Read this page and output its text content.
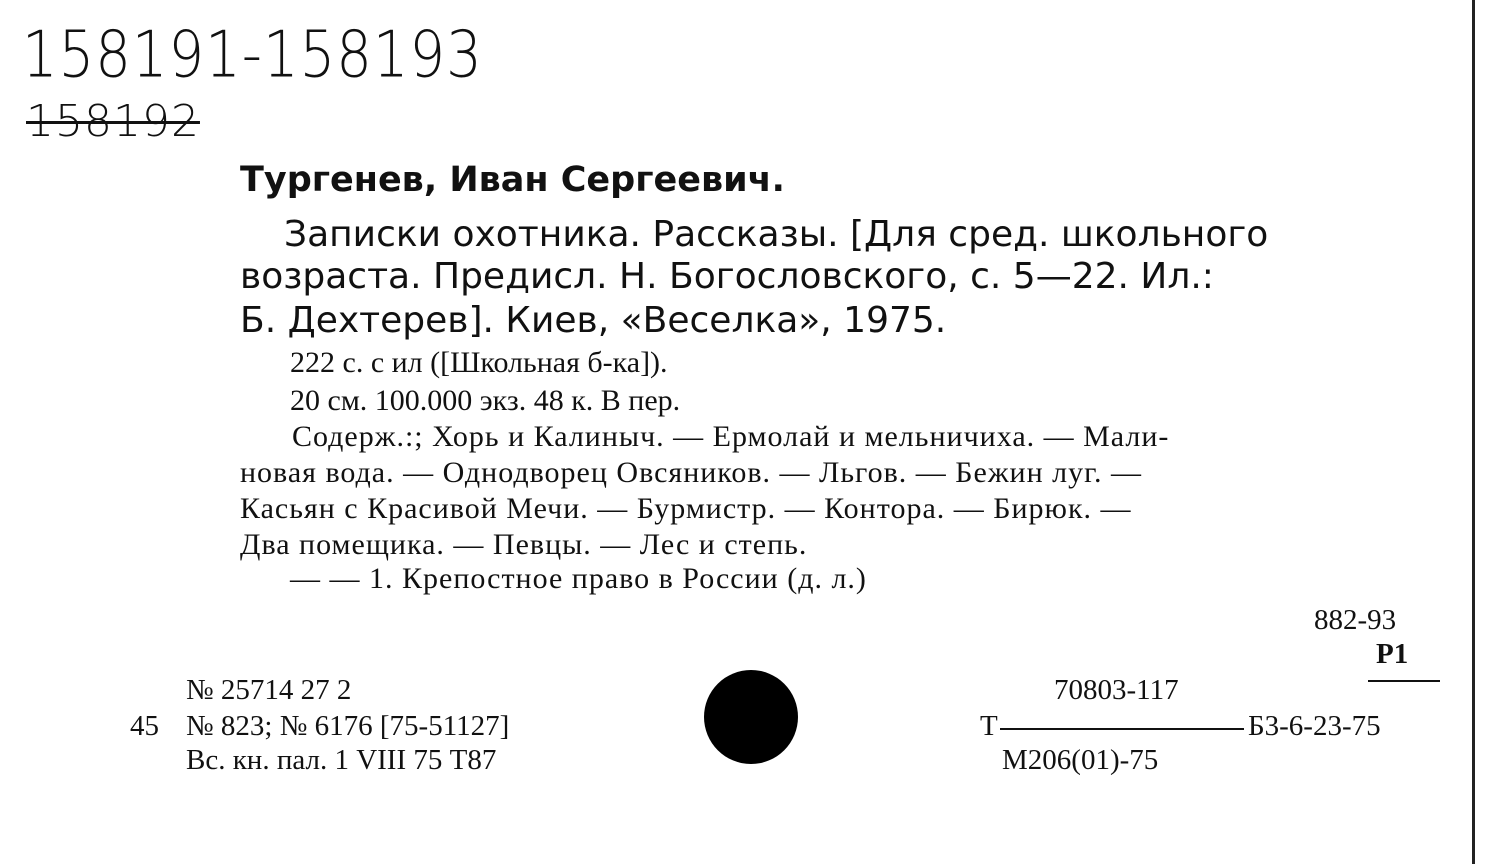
158191-158193
158192
Тургенев, Иван Сергеевич.
Записки охотника. Рассказы. [Для сред. школьного
возраста. Предисл. Н. Богословского, с. 5—22. Ил.:
Б. Дехтерев]. Киев, «Веселка», 1975.
222 с. с ил ([Школьная б-ка]).
20 см. 100.000 экз. 48 к. В пер.
Содерж.:; Хорь и Калиныч. — Ермолай и мельничиха. — Мали-
новая вода. — Однодворец Овсяников. — Льгов. — Бежин луг. —
Касьян с Красивой Мечи. — Бурмистр. — Контора. — Бирюк. —
Два помещика. — Певцы. — Лес и степь.
— — 1. Крепостное право в России (д. л.)
882-93
Р1
№ 25714 27 2
45 № 823; № 6176 [75-51127]
Вс. кн. пал. 1 VIII 75 Т87
70803-117
Т	Б3-6-23-75
М206(01)-75
